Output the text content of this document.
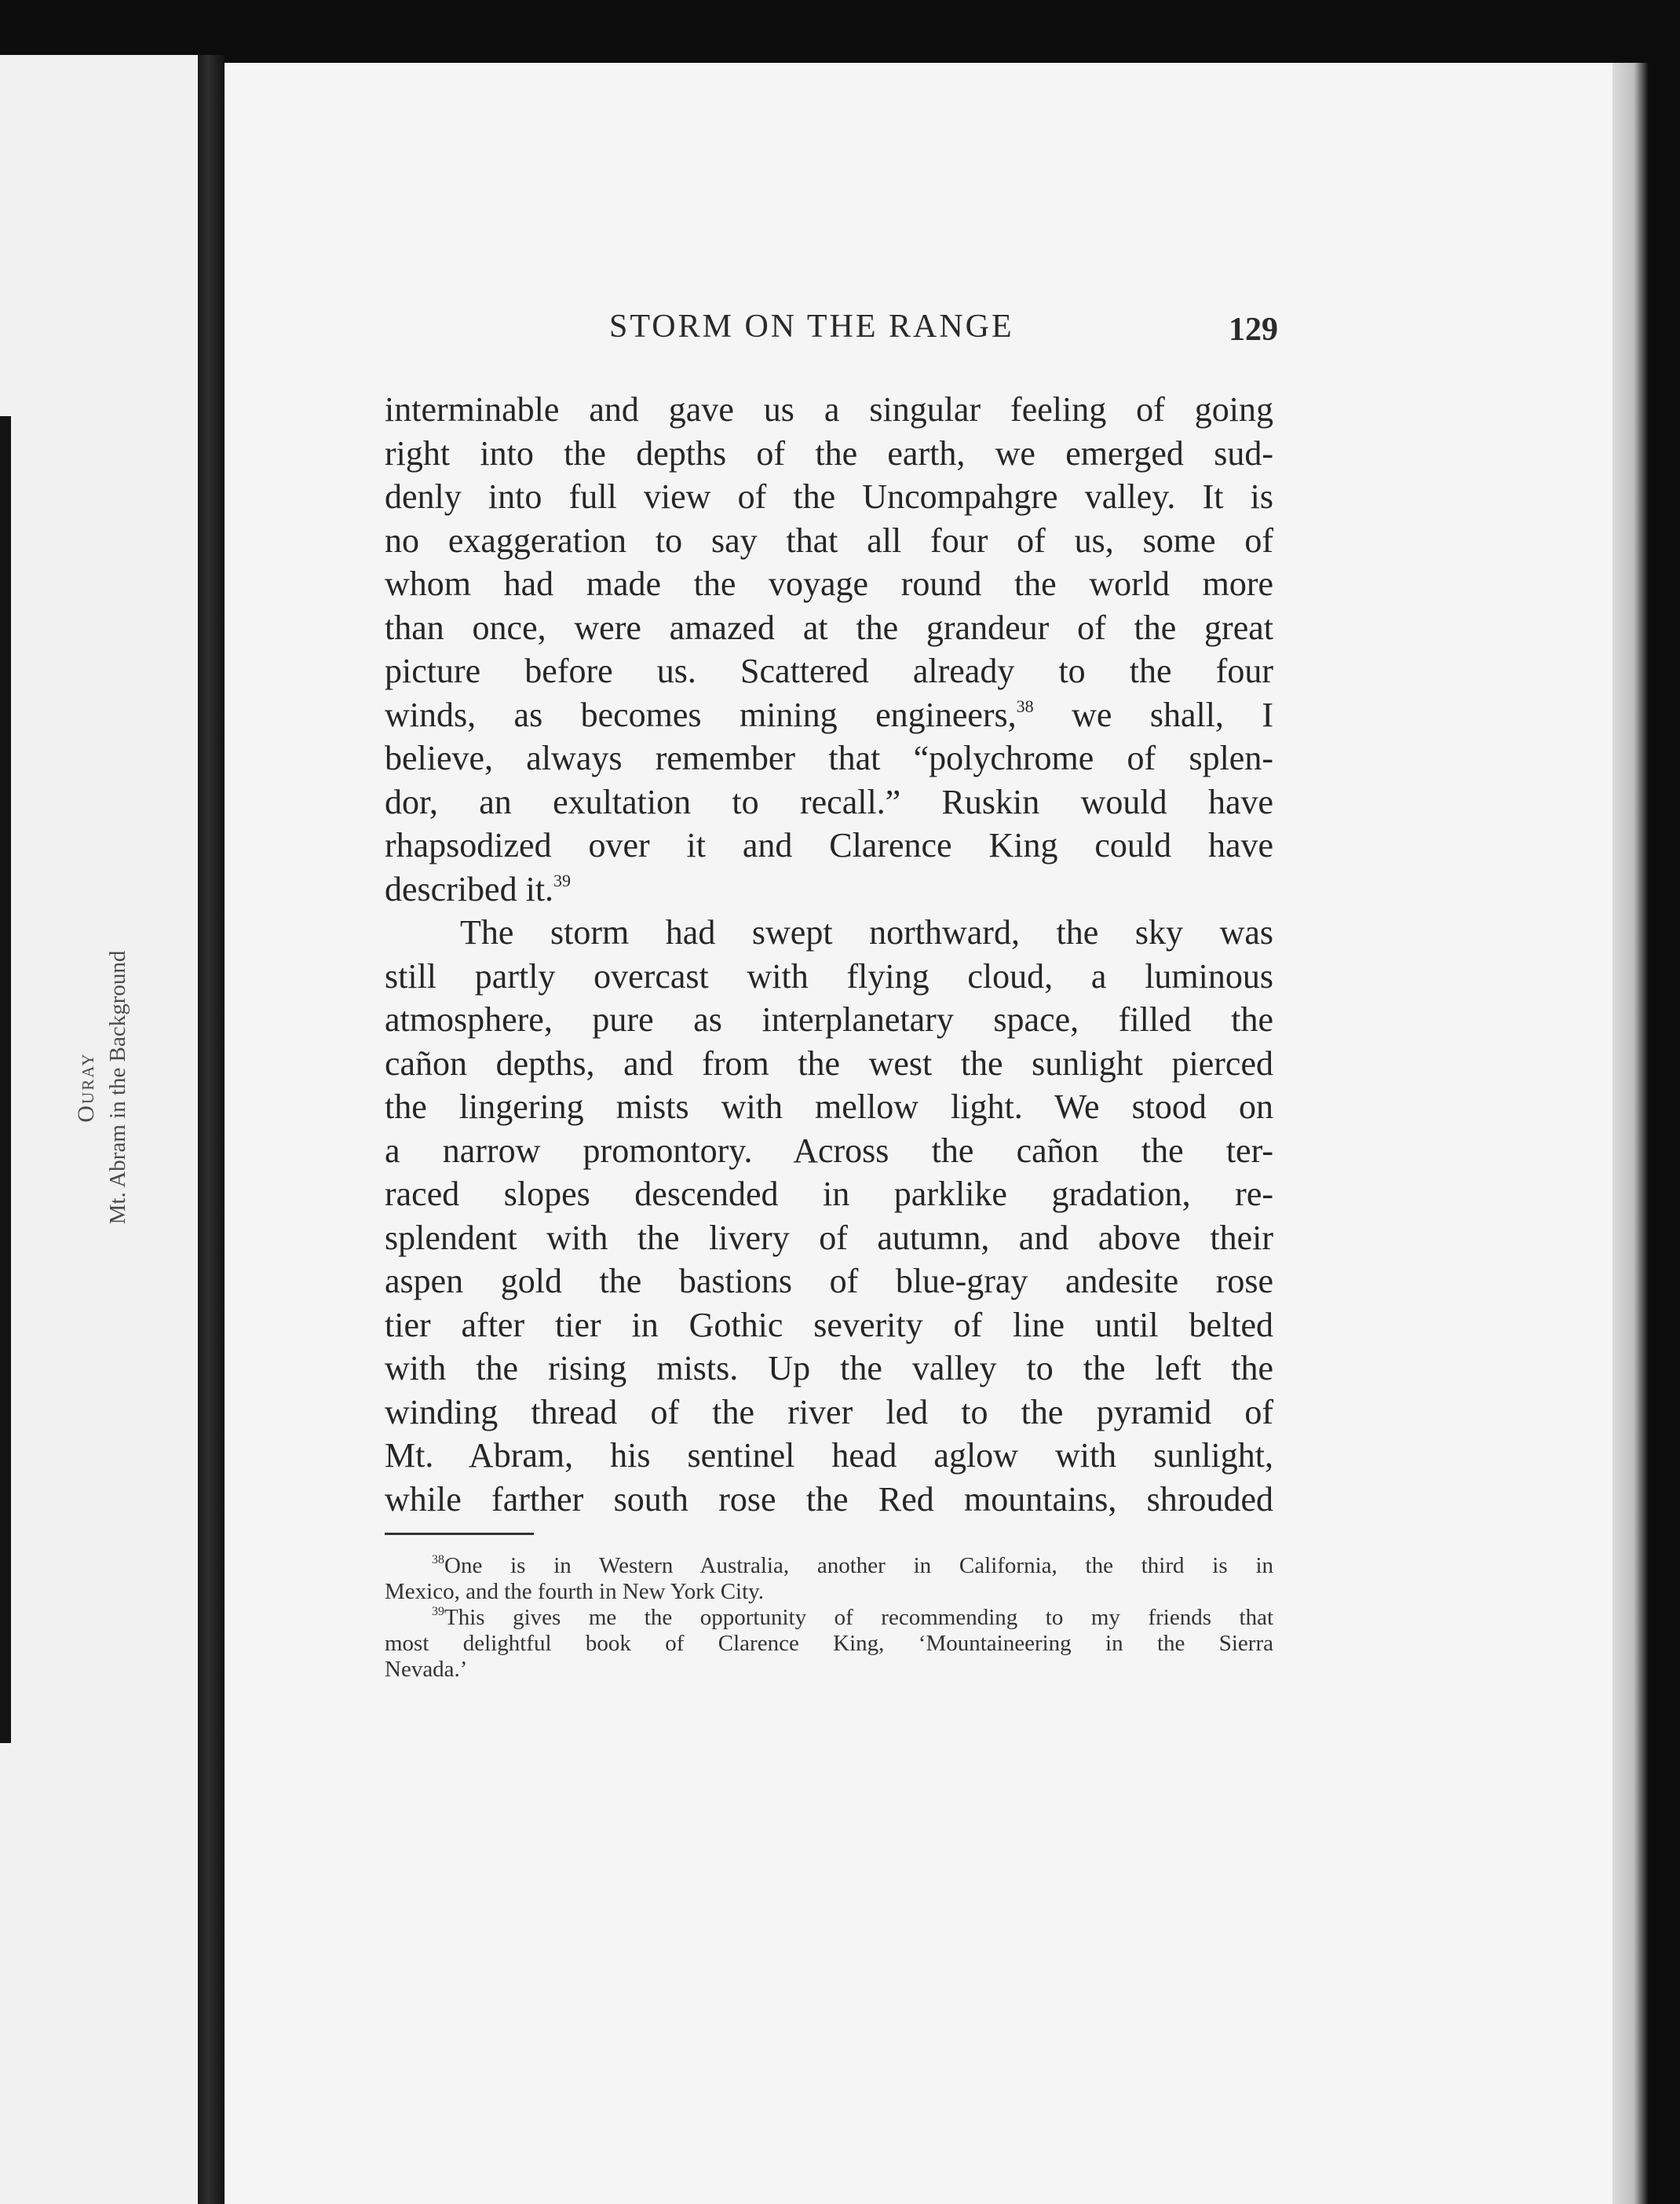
Ouray Mt. Abram in the Background
STORM ON THE RANGE	129
interminable and gave us a singular feeling of going
right into the depths of the earth, we emerged sud-
denly into full view of the Uncompahgre valley. It is
no exaggeration to say that all four of us, some of
whom had made the voyage round the world more
than once, were amazed at the grandeur of the great
picture before us. Scattered already to the four
winds, as becomes mining engineers,$^{38}$ we shall, I
believe, always remember that “polychrome of splen-
dor, an exultation to recall.” Ruskin would have
rhapsodized over it and Clarence King could have
described it.$^{39}$
The storm had swept northward, the sky was
still partly overcast with flying cloud, a luminous
atmosphere, pure as interplanetary space, filled the
cañon depths, and from the west the sunlight pierced
the lingering mists with mellow light. We stood on
a narrow promontory. Across the cañon the ter-
raced slopes descended in parklike gradation, re-
splendent with the livery of autumn, and above their
aspen gold the bastions of blue-gray andesite rose
tier after tier in Gothic severity of line until belted
with the rising mists. Up the valley to the left the
winding thread of the river led to the pyramid of
Mt. Abram, his sentinel head aglow with sunlight,
while farther south rose the Red mountains, shrouded
$^{38}$One is in Western Australia, another in California, the third is in
Mexico, and the fourth in New York City.
$^{39}$This gives me the opportunity of recommending to my friends that
most delightful book of Clarence King, ‘Mountaineering in the Sierra
Nevada.’
